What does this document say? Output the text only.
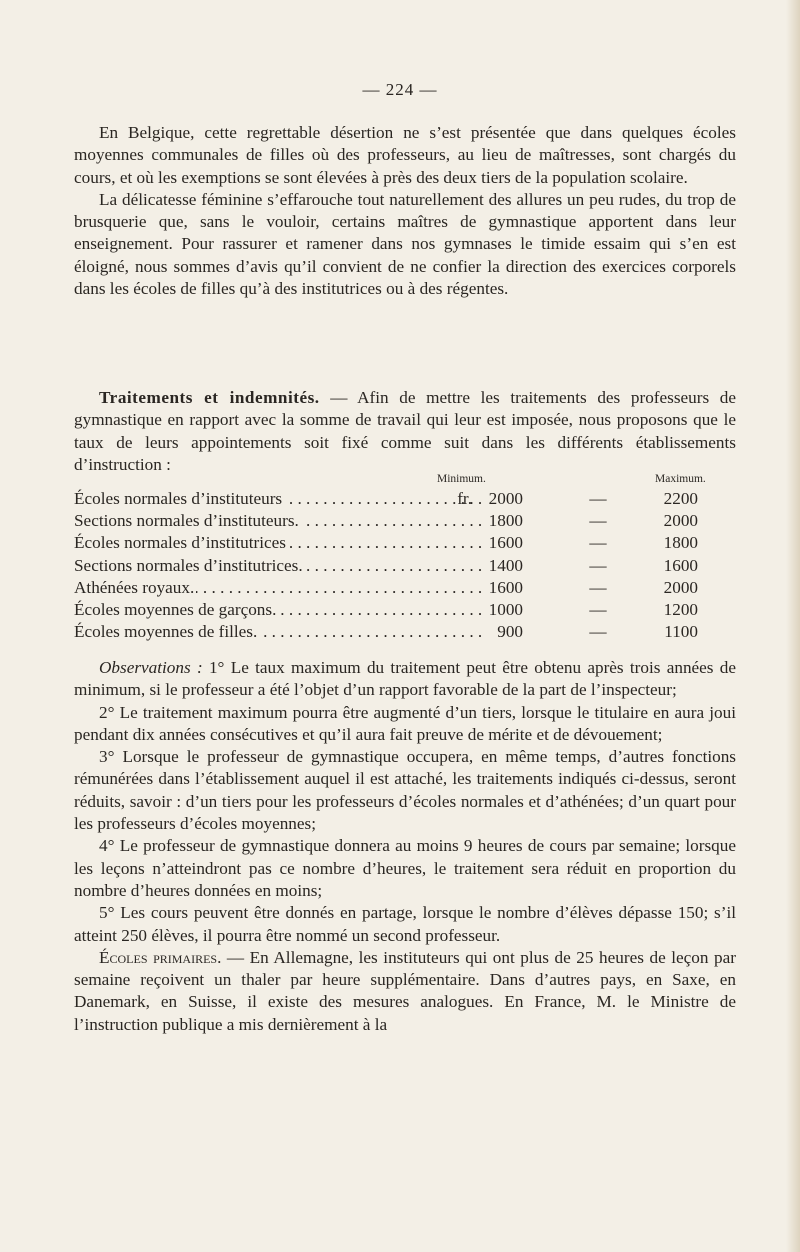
— 224 —

En Belgique, cette regrettable désertion ne s’est présentée que dans quelques écoles moyennes communales de filles où des professeurs, au lieu de maîtresses, sont chargés du cours, et où les exemptions se sont élevées à près des deux tiers de la population scolaire.

La délicatesse féminine s’effarouche tout naturellement des allures un peu rudes, du trop de brusquerie que, sans le vouloir, certains maîtres de gymnastique apportent dans leur enseignement. Pour rassurer et ramener dans nos gymnases le timide essaim qui s’en est éloigné, nous sommes d’avis qu’il convient de ne confier la direction des exercices corporels dans les écoles de filles qu’à des institutrices ou à des régentes.

Traitements et indemnités. — Afin de mettre les traitements des professeurs de gymnastique en rapport avec la somme de travail qui leur est imposée, nous proposons que le taux de leurs appointements soit fixé comme suit dans les différents établissements d’instruction :

Minimum.	Maximum.
Écoles normales d’instituteurs . . .	fr. 2000	—	2200
Sections normales d’instituteurs. . . .	1800	—	2000
Écoles normales d’institutrices . . .	1600	—	1800
Sections normales d’institutrices. . . .	1400	—	1600
Athénées royaux. . . .	1600	—	2000
Écoles moyennes de garçons. . . .	1000	—	1200
Écoles moyennes de filles. . . .	900	—	1100

Observations : 1° Le taux maximum du traitement peut être obtenu après trois années de minimum, si le professeur a été l’objet d’un rapport favorable de la part de l’inspecteur;

2° Le traitement maximum pourra être augmenté d’un tiers, lorsque le titulaire en aura joui pendant dix années consécutives et qu’il aura fait preuve de mérite et de dévouement;

3° Lorsque le professeur de gymnastique occupera, en même temps, d’autres fonctions rémunérées dans l’établissement auquel il est attaché, les traitements indiqués ci-dessus, seront réduits, savoir : d’un tiers pour les professeurs d’écoles normales et d’athénées; d’un quart pour les professeurs d’écoles moyennes;

4° Le professeur de gymnastique donnera au moins 9 heures de cours par semaine; lorsque les leçons n’atteindront pas ce nombre d’heures, le traitement sera réduit en proportion du nombre d’heures données en moins;

5° Les cours peuvent être donnés en partage, lorsque le nombre d’élèves dépasse 150; s’il atteint 250 élèves, il pourra être nommé un second professeur.

Écoles primaires. — En Allemagne, les instituteurs qui ont plus de 25 heures de leçon par semaine reçoivent un thaler par heure supplémentaire. Dans d’autres pays, en Saxe, en Danemark, en Suisse, il existe des mesures analogues. En France, M. le Ministre de l’instruction publique a mis dernièrement à la
